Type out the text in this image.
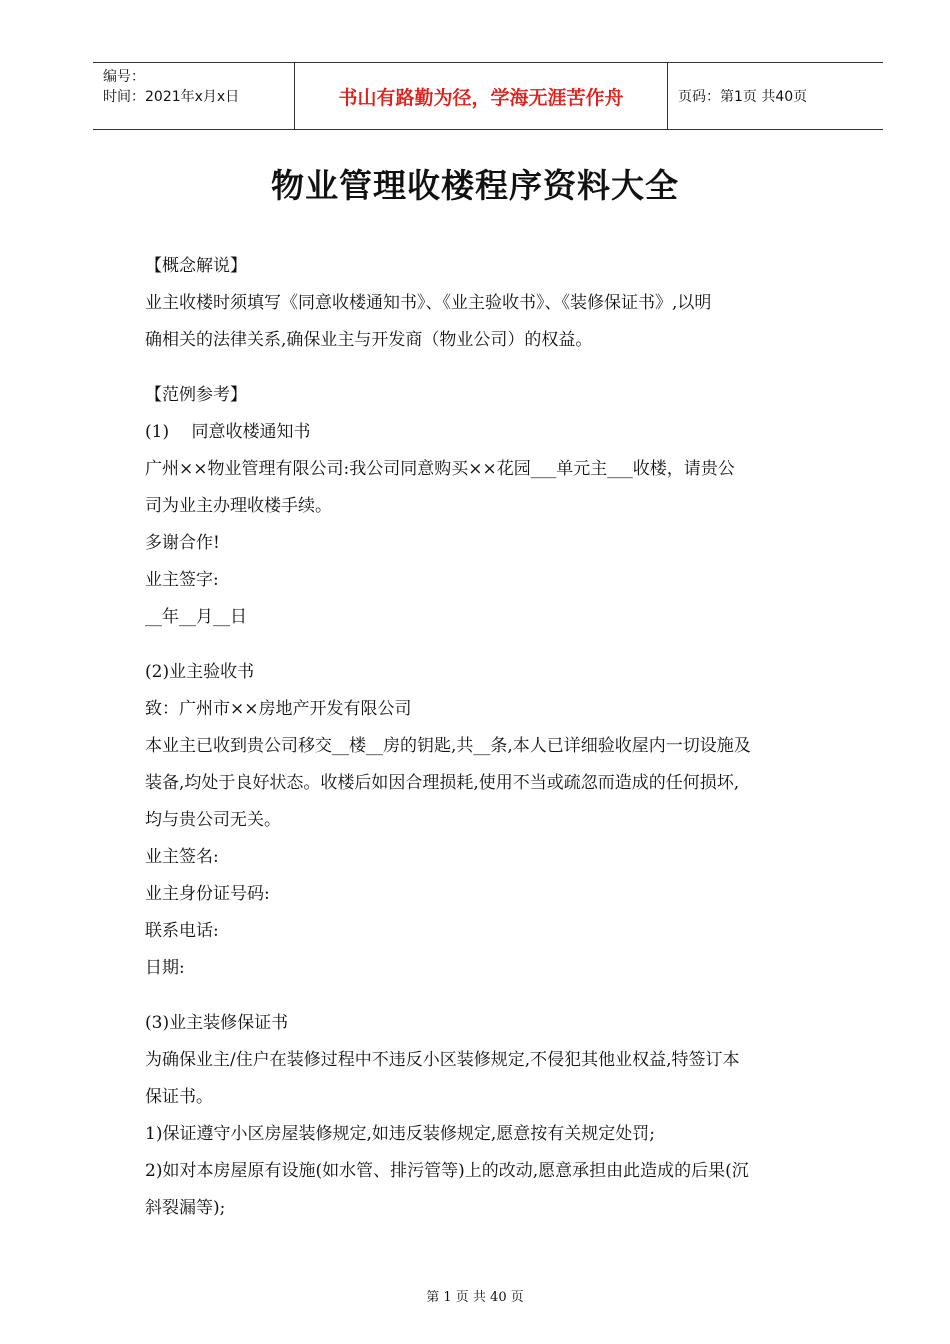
编号：
时间：2021年x月x日	书山有路勤为径，学海无涯苦作舟	页码：第1页 共40页
物业管理收楼程序资料大全

【概念解说】

业主收楼时须填写《同意收楼通知书》、《业主验收书》、《装修保证书》,以明

确相关的法律关系,确保业主与开发商（物业公司）的权益。

【范例参考】

(1)　 同意收楼通知书

广州××物业管理有限公司:我公司同意购买××花园___单元主___收楼，请贵公

司为业主办理收楼手续。

多谢合作!

业主签字:

__年__月__日

(2)业主验收书

致：广州市××房地产开发有限公司

本业主已收到贵公司移交__楼__房的钥匙,共__条,本人已详细验收屋内一切设施及

装备,均处于良好状态。收楼后如因合理损耗,使用不当或疏忽而造成的任何损坏,

均与贵公司无关。

业主签名:

业主身份证号码:

联系电话:

日期:

(3)业主装修保证书

为确保业主/住户在装修过程中不违反小区装修规定,不侵犯其他业权益,特签订本

保证书。

1)保证遵守小区房屋装修规定,如违反装修规定,愿意按有关规定处罚;

2)如对本房屋原有设施(如水管、排污管等)上的改动,愿意承担由此造成的后果(沉

斜裂漏等);

第 1 页 共 40 页
